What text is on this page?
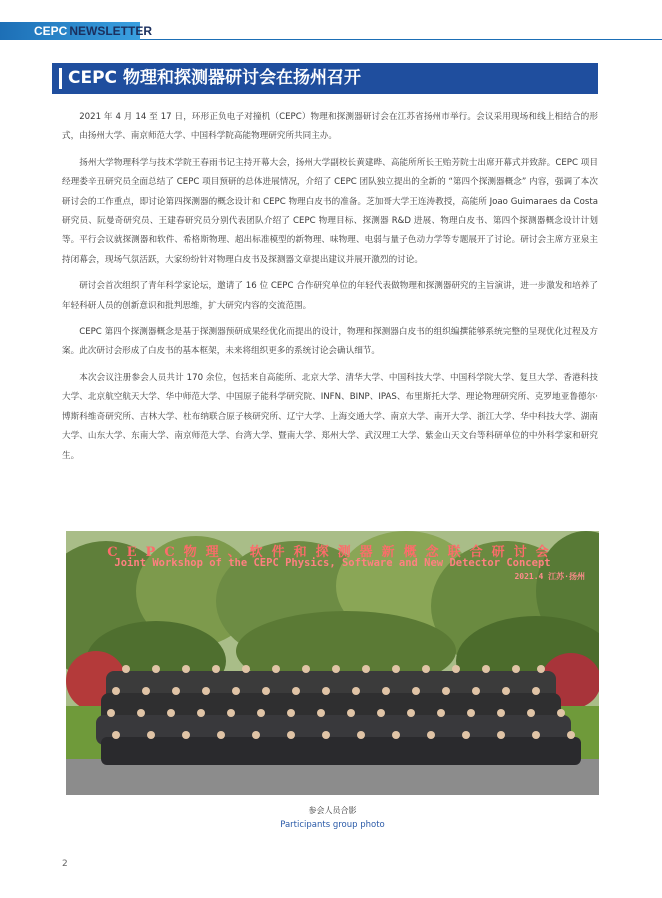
CEPC NEWSLETTER
CEPC 物理和探测器研讨会在扬州召开

2021 年 4 月 14 至 17 日，环形正负电子对撞机（CEPC）物理和探测器研讨会在江苏省扬州市举行。会议采用现场和线上相结合的形式，由扬州大学、南京师范大学、中国科学院高能物理研究所共同主办。

扬州大学物理科学与技术学院王春雨书记主持开幕大会，扬州大学副校长黄建晔、高能所所长王贻芳院士出席开幕式并致辞。CEPC 项目经理娄辛丑研究员全面总结了 CEPC 项目预研的总体进展情况，介绍了 CEPC 团队独立提出的全新的 “第四个探测器概念” 内容，强调了本次研讨会的工作重点，即讨论第四探测器的概念设计和 CEPC 物理白皮书的准备。芝加哥大学王连涛教授，高能所 Joao Guimaraes da Costa 研究员、阮曼奇研究员、王建春研究员分别代表团队介绍了 CEPC 物理目标、探测器 R&D 进展、物理白皮书、第四个探测器概念设计计划等。平行会议就探测器和软件、希格斯物理、超出标准模型的新物理、味物理、电弱与量子色动力学等专题展开了讨论。研讨会主席方亚泉主持闭幕会，现场气氛活跃，大家纷纷针对物理白皮书及探测器文章提出建议并展开激烈的讨论。

研讨会首次组织了青年科学家论坛，邀请了 16 位 CEPC 合作研究单位的年轻代表做物理和探测器研究的主旨演讲，进一步激发和培养了年轻科研人员的创新意识和批判思维，扩大研究内容的交流范围。

CEPC 第四个探测器概念是基于探测器预研成果经优化而提出的设计，物理和探测器白皮书的组织编撰能够系统完整的呈现优化过程及方案。此次研讨会形成了白皮书的基本框架，未来将组织更多的系统讨论会确认细节。

本次会议注册参会人员共计 170 余位，包括来自高能所、北京大学、清华大学、中国科技大学、中国科学院大学、复旦大学、香港科技大学、北京航空航天大学、华中师范大学、中国原子能科学研究院、INFN、BINP、IPAS、布里斯托大学、理论物理研究所、克罗地亚鲁德尔·博斯科维奇研究所、吉林大学、杜布纳联合原子核研究所、辽宁大学、上海交通大学、南京大学、南开大学、浙江大学、华中科技大学、湖南大学、山东大学、东南大学、南京师范大学、台湾大学、暨南大学、郑州大学、武汉理工大学、紫金山天文台等科研单位的中外科学家和研究生。

CEPC物理、软件和探测器新概念联合研讨会
Joint Workshop of the CEPC Physics, Software and New Detector Concept
2021.4 江苏·扬州
参会人员合影
Participants group photo
2
